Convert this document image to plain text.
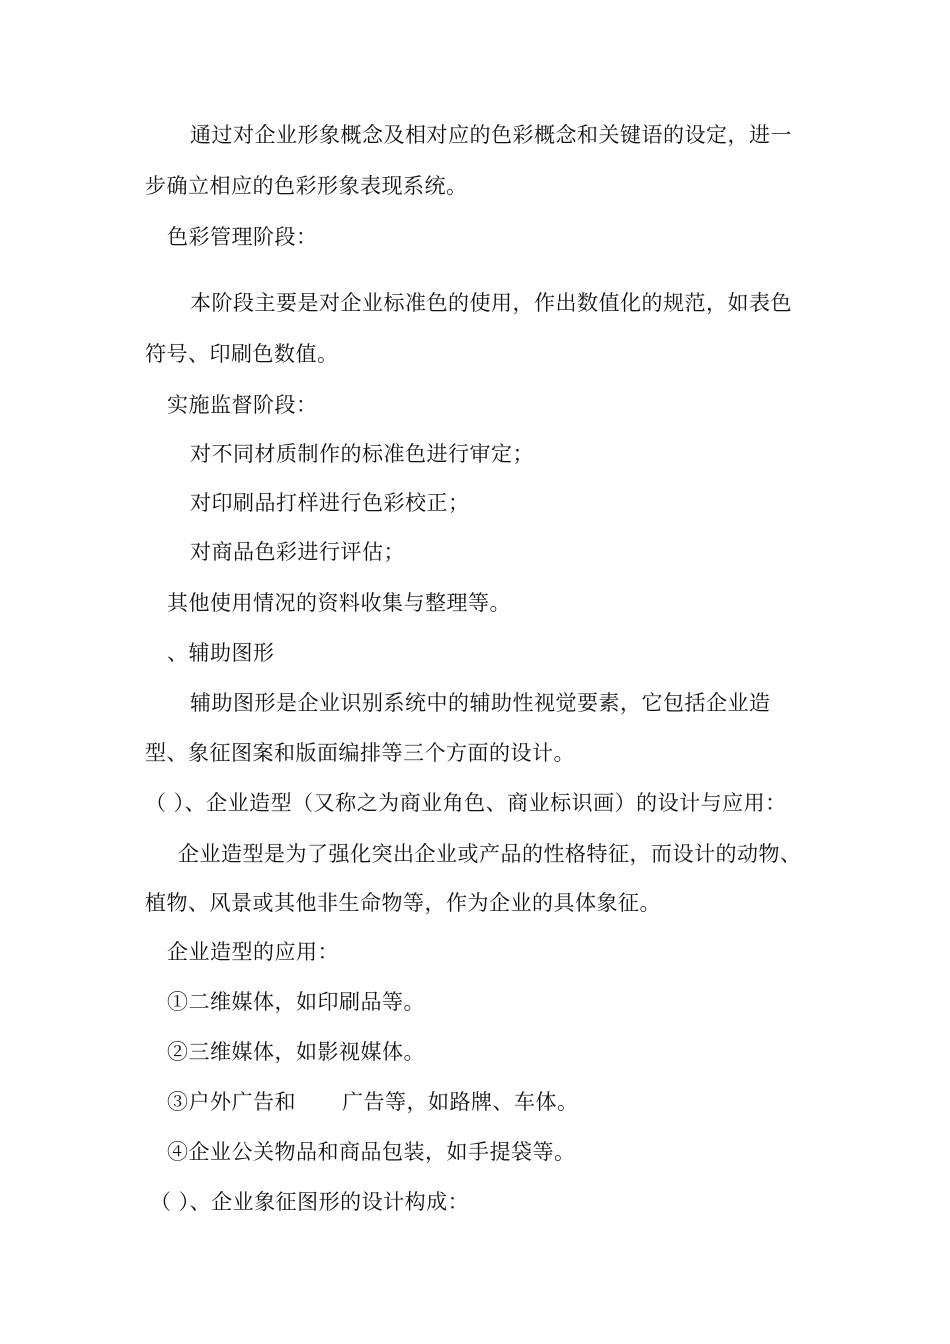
通过对企业形象概念及相对应的色彩概念和关键语的设定，进一
步确立相应的色彩形象表现系统。
色彩管理阶段：
本阶段主要是对企业标准色的使用，作出数值化的规范，如表色
符号、印刷色数值。
实施监督阶段：
对不同材质制作的标准色进行审定；
对印刷品打样进行色彩校正；
对商品色彩进行评估；
其他使用情况的资料收集与整理等。
、辅助图形
辅助图形是企业识别系统中的辅助性视觉要素，它包括企业造
型、象征图案和版面编排等三个方面的设计。
（ ）、企业造型（又称之为商业角色、商业标识画）的设计与应用：
企业造型是为了强化突出企业或产品的性格特征，而设计的动物、
植物、风景或其他非生命物等，作为企业的具体象征。
企业造型的应用：
①二维媒体，如印刷品等。
②三维媒体，如影视媒体。
③户外广告和 广告等，如路牌、车体。
④企业公关物品和商品包装，如手提袋等。
（ ）、企业象征图形的设计构成：
